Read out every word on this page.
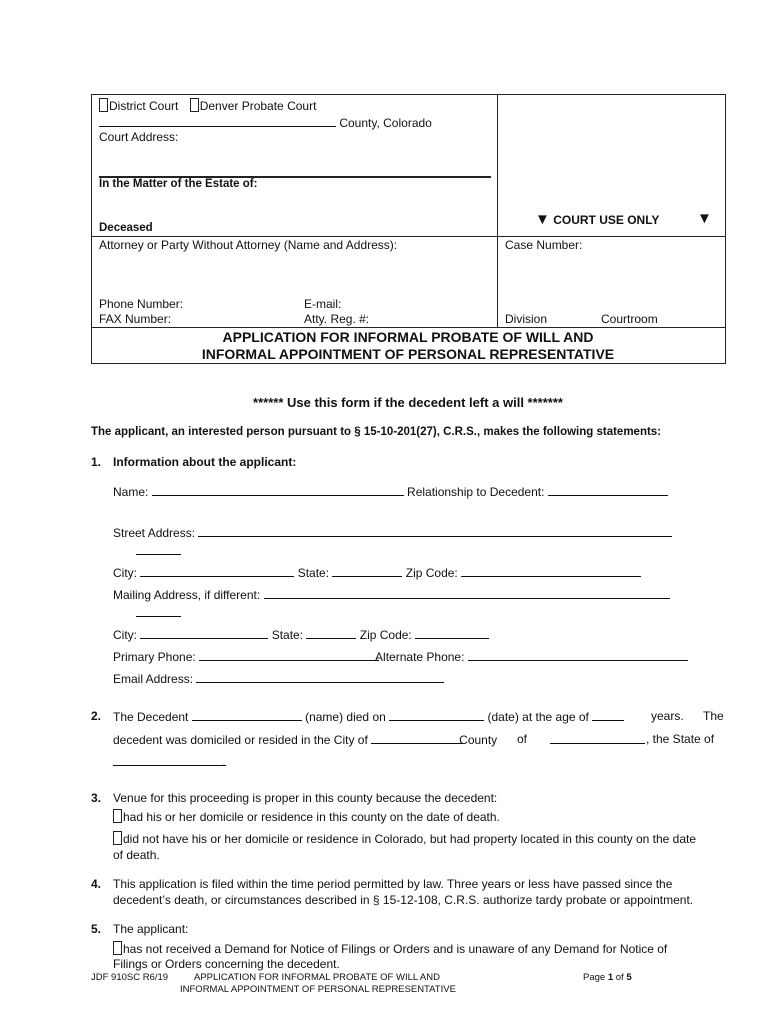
District Court Denver Probate Court
County, Colorado
Court Address:
In the Matter of the Estate of:
Deceased	▼ COURT USE ONLY	▼
Attorney or Party Without Attorney (Name and Address):	Case Number:
Phone Number:	E-mail:
FAX Number:	Atty. Reg. #:	Division	Courtroom
APPLICATION FOR INFORMAL PROBATE OF WILL AND
INFORMAL APPOINTMENT OF PERSONAL REPRESENTATIVE
****** Use this form if the decedent left a will *******
The applicant, an interested person pursuant to § 15-10-201(27), C.R.S., makes the following statements:
1. Information about the applicant:
Name:	Relationship to Decedent:
Street Address:
City:	State:	Zip Code:
Mailing Address, if different:
City:	State:	Zip Code:
Primary Phone:	Alternate Phone:
Email Address:
2. The Decedent	(name) died on	(date) at the age of	years. The
decedent was domiciled or resided in the City of	County of	, the State of
.
3. Venue for this proceeding is proper in this county because the decedent:
had his or her domicile or residence in this county on the date of death.
did not have his or her domicile or residence in Colorado, but had property located in this county on the date
of death.
4. This application is filed within the time period permitted by law. Three years or less have passed since the
decedent’s death, or circumstances described in § 15-12-108, C.R.S. authorize tardy probate or appointment.
5. The applicant:
has not received a Demand for Notice of Filings or Orders and is unaware of any Demand for Notice of
Filings or Orders concerning the decedent.
JDF 910SC R6/19	APPLICATION FOR INFORMAL PROBATE OF WILL AND
INFORMAL APPOINTMENT OF PERSONAL REPRESENTATIVE
Page 1 of 5
